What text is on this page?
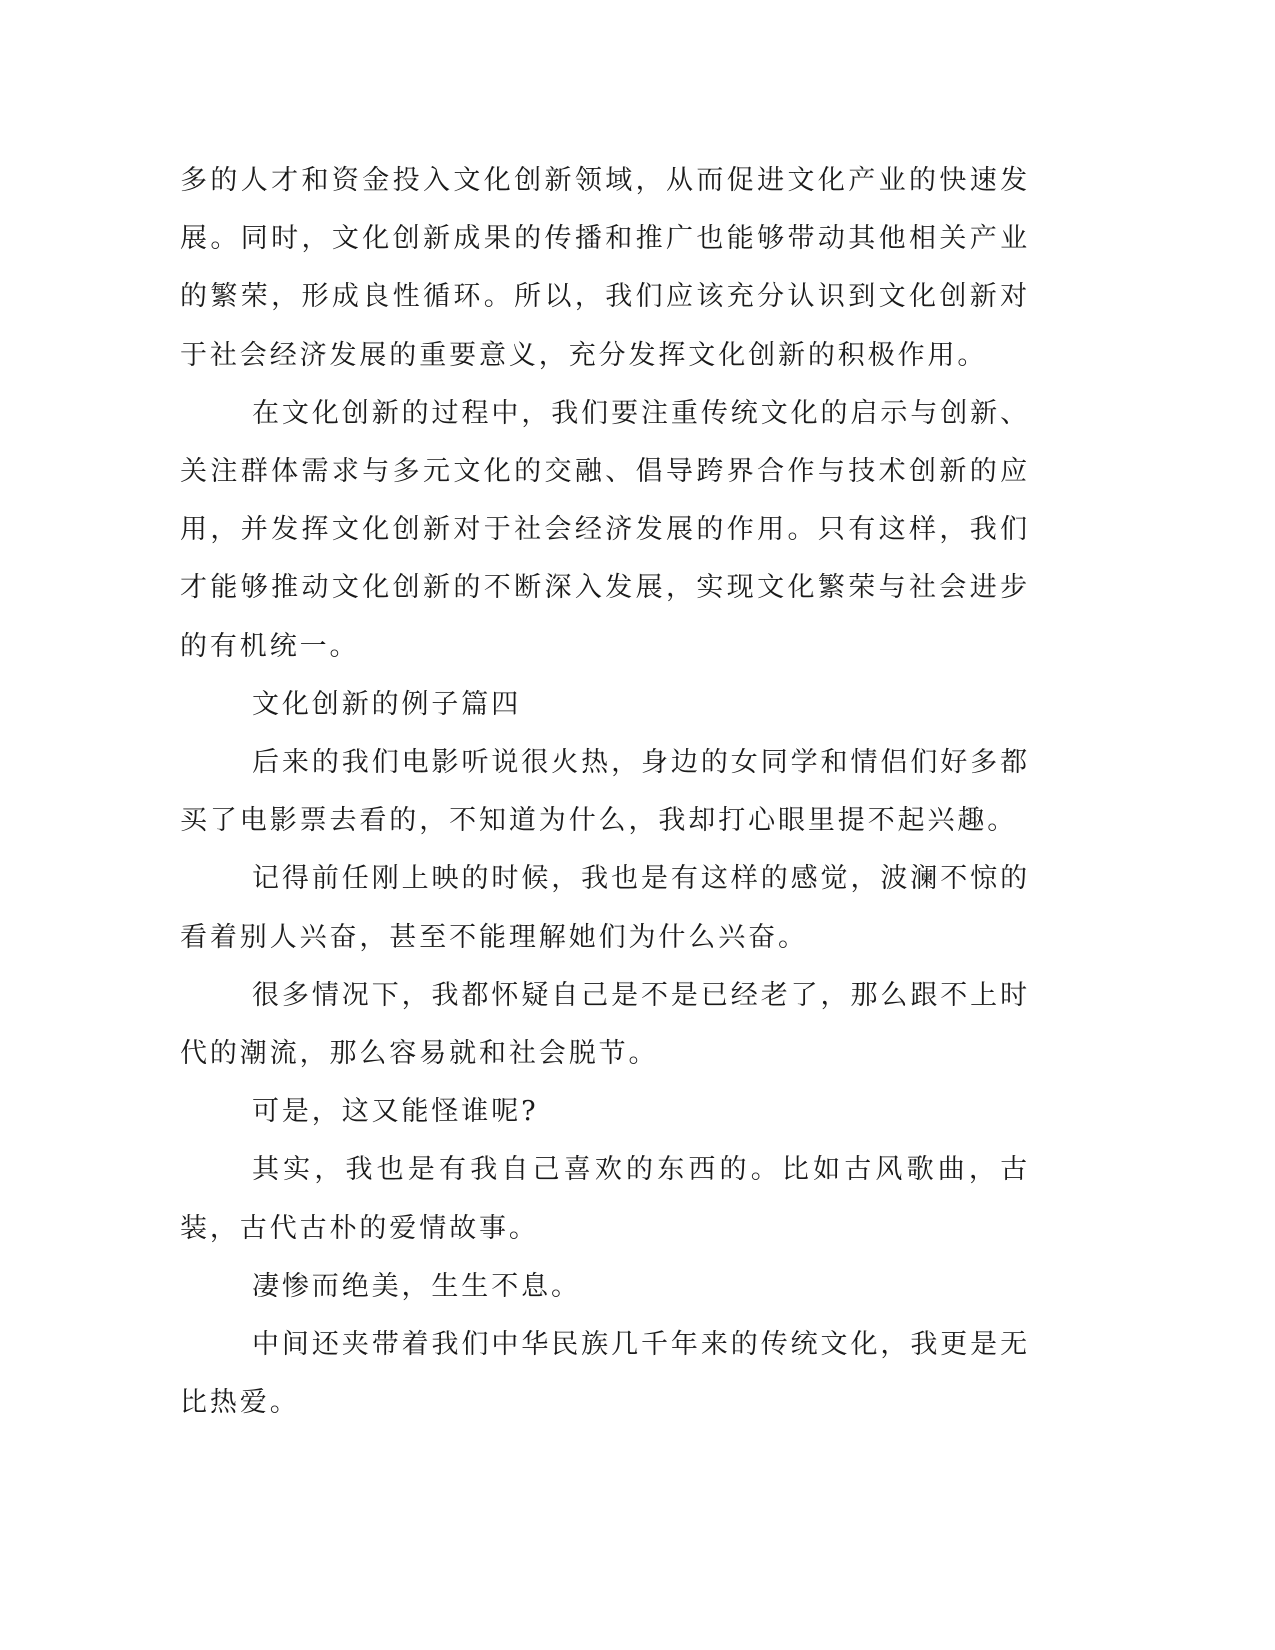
多的人才和资金投入文化创新领域，从而促进文化产业的快速发展。同时，文化创新成果的传播和推广也能够带动其他相关产业的繁荣，形成良性循环。所以，我们应该充分认识到文化创新对于社会经济发展的重要意义，充分发挥文化创新的积极作用。

在文化创新的过程中，我们要注重传统文化的启示与创新、关注群体需求与多元文化的交融、倡导跨界合作与技术创新的应用，并发挥文化创新对于社会经济发展的作用。只有这样，我们才能够推动文化创新的不断深入发展，实现文化繁荣与社会进步的有机统一。

文化创新的例子篇四

后来的我们电影听说很火热，身边的女同学和情侣们好多都买了电影票去看的，不知道为什么，我却打心眼里提不起兴趣。

记得前任刚上映的时候，我也是有这样的感觉，波澜不惊的看着别人兴奋，甚至不能理解她们为什么兴奋。

很多情况下，我都怀疑自己是不是已经老了，那么跟不上时代的潮流，那么容易就和社会脱节。

可是，这又能怪谁呢?

其实，我也是有我自己喜欢的东西的。比如古风歌曲，古装，古代古朴的爱情故事。

凄惨而绝美，生生不息。

中间还夹带着我们中华民族几千年来的传统文化，我更是无比热爱。
